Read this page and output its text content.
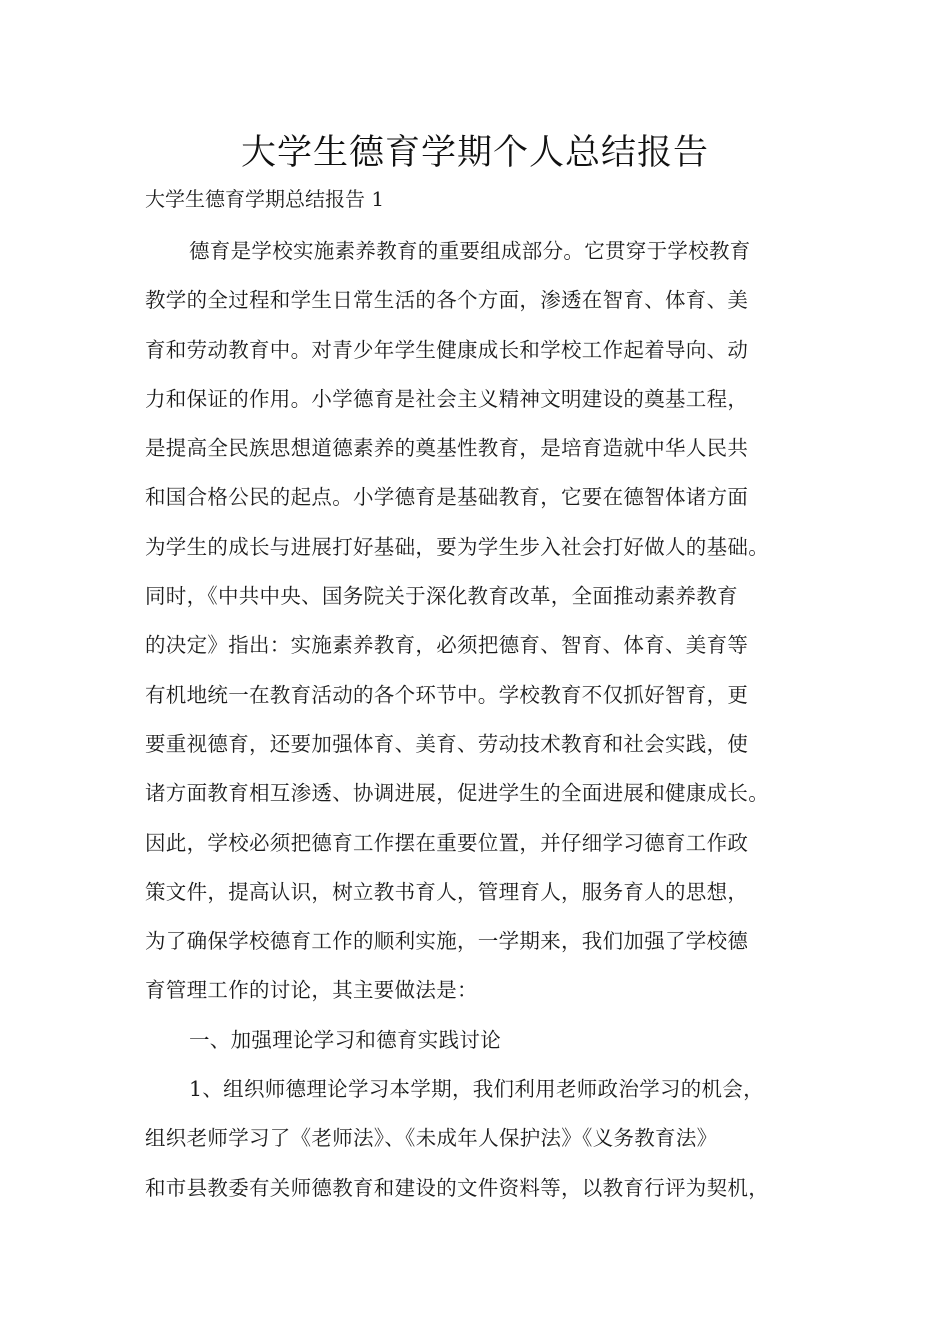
大学生德育学期个人总结报告

大学生德育学期总结报告 1

德育是学校实施素养教育的重要组成部分。它贯穿于学校教育
教学的全过程和学生日常生活的各个方面，渗透在智育、体育、美
育和劳动教育中。对青少年学生健康成长和学校工作起着导向、动
力和保证的作用。小学德育是社会主义精神文明建设的奠基工程，
是提高全民族思想道德素养的奠基性教育，是培育造就中华人民共
和国合格公民的起点。小学德育是基础教育，它要在德智体诸方面
为学生的成长与进展打好基础，要为学生步入社会打好做人的基础。
同时，《中共中央、国务院关于深化教育改革，全面推动素养教育
的决定》指出：实施素养教育，必须把德育、智育、体育、美育等
有机地统一在教育活动的各个环节中。学校教育不仅抓好智育，更
要重视德育，还要加强体育、美育、劳动技术教育和社会实践，使
诸方面教育相互渗透、协调进展，促进学生的全面进展和健康成长。
因此，学校必须把德育工作摆在重要位置，并仔细学习德育工作政
策文件，提高认识，树立教书育人，管理育人，服务育人的思想，
为了确保学校德育工作的顺利实施，一学期来，我们加强了学校德
育管理工作的讨论，其主要做法是：
一、加强理论学习和德育实践讨论
1、组织师德理论学习本学期，我们利用老师政治学习的机会，
组织老师学习了《老师法》、《未成年人保护法》《义务教育法》
和市县教委有关师德教育和建设的文件资料等，以教育行评为契机，
